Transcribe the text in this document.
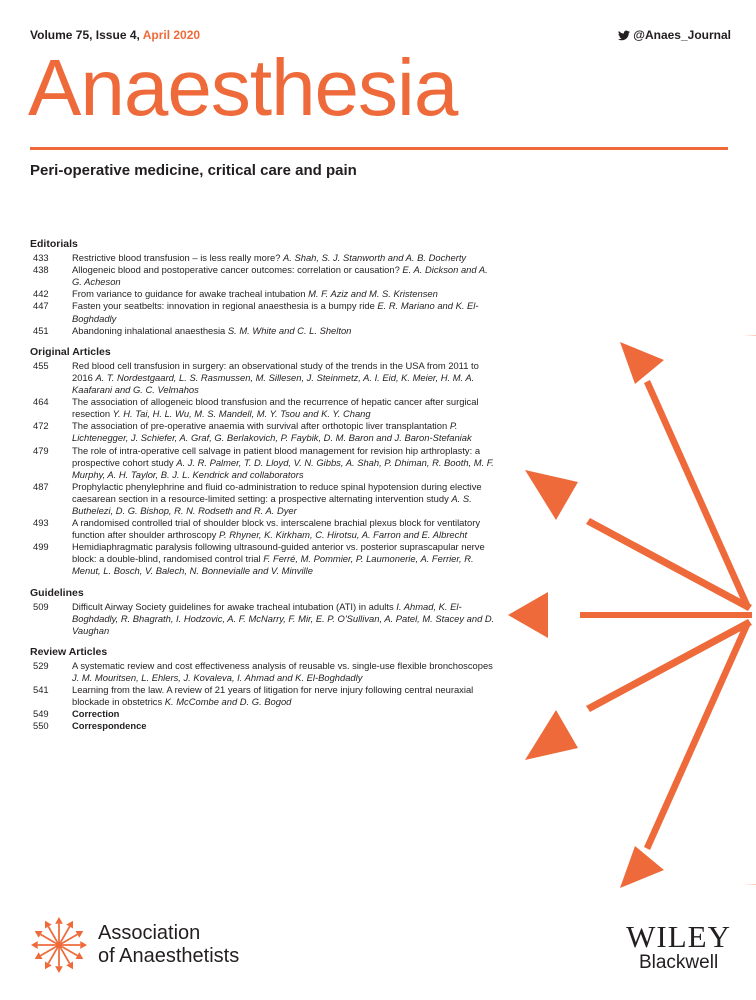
Volume 75, Issue 4, April 2020	@Anaes_Journal
Anaesthesia
Peri-operative medicine, critical care and pain
Editorials
433	Restrictive blood transfusion – is less really more? A. Shah, S. J. Stanworth and A. B. Docherty
438	Allogeneic blood and postoperative cancer outcomes: correlation or causation? E. A. Dickson and A. G. Acheson
442	From variance to guidance for awake tracheal intubation M. F. Aziz and M. S. Kristensen
447	Fasten your seatbelts: innovation in regional anaesthesia is a bumpy ride E. R. Mariano and K. El-Boghdadly
451	Abandoning inhalational anaesthesia S. M. White and C. L. Shelton
Original Articles
455	Red blood cell transfusion in surgery: an observational study of the trends in the USA from 2011 to 2016 A. T. Nordestgaard, L. S. Rasmussen, M. Sillesen, J. Steinmetz, A. I. Eid, K. Meier, H. M. A. Kaafarani and G. C. Velmahos
464	The association of allogeneic blood transfusion and the recurrence of hepatic cancer after surgical resection Y. H. Tai, H. L. Wu, M. S. Mandell, M. Y. Tsou and K. Y. Chang
472	The association of pre-operative anaemia with survival after orthotopic liver transplantation P. Lichtenegger, J. Schiefer, A. Graf, G. Berlakovich, P. Faybik, D. M. Baron and J. Baron-Stefaniak
479	The role of intra-operative cell salvage in patient blood management for revision hip arthroplasty: a prospective cohort study A. J. R. Palmer, T. D. Lloyd, V. N. Gibbs, A. Shah, P. Dhiman, R. Booth, M. F. Murphy, A. H. Taylor, B. J. L. Kendrick and collaborators
487	Prophylactic phenylephrine and fluid co-administration to reduce spinal hypotension during elective caesarean section in a resource-limited setting: a prospective alternating intervention study A. S. Buthelezi, D. G. Bishop, R. N. Rodseth and R. A. Dyer
493	A randomised controlled trial of shoulder block vs. interscalene brachial plexus block for ventilatory function after shoulder arthroscopy P. Rhyner, K. Kirkham, C. Hirotsu, A. Farron and E. Albrecht
499	Hemidiaphragmatic paralysis following ultrasound-guided anterior vs. posterior suprascapular nerve block: a double-blind, randomised control trial F. Ferré, M. Pommier, P. Laumonerie, A. Ferrier, R. Menut, L. Bosch, V. Balech, N. Bonnevialle and V. Minville
Guidelines
509	Difficult Airway Society guidelines for awake tracheal intubation (ATI) in adults I. Ahmad, K. El-Boghdadly, R. Bhagrath, I. Hodzovic, A. F. McNarry, F. Mir, E. P. O'Sullivan, A. Patel, M. Stacey and D. Vaughan
Review Articles
529	A systematic review and cost effectiveness analysis of reusable vs. single-use flexible bronchoscopes J. M. Mouritsen, L. Ehlers, J. Kovaleva, I. Ahmad and K. El-Boghdadly
541	Learning from the law. A review of 21 years of litigation for nerve injury following central neuraxial blockade in obstetrics K. McCombe and D. G. Bogod
549	Correction
550	Correspondence
Association
of Anaesthetists
WILEY
Blackwell
